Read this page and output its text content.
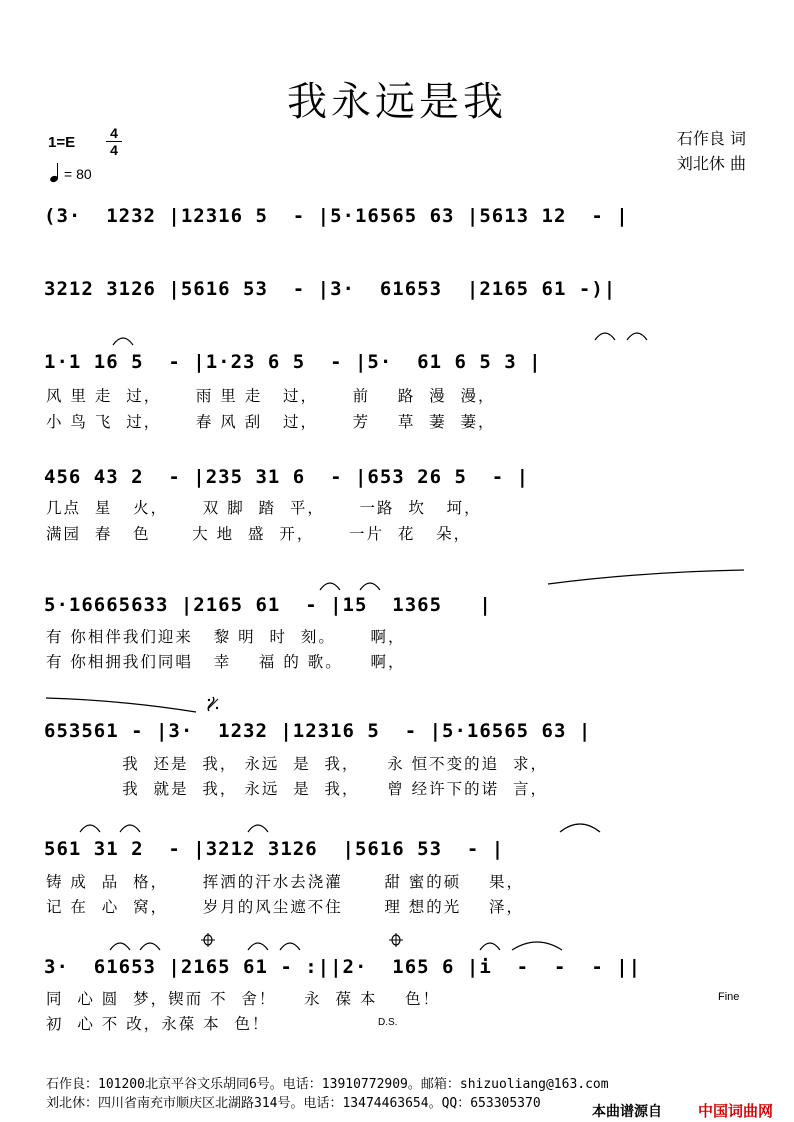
我永远是我
1=E
4
4
= 80
石作良 词
刘北休 曲
(3·  1232 |12316 5  - |5·16565 63 |5613 12  - |
3212 3126 |5616 53  - |3·  61653  |2165 61 -)|
1·1 16 5  - |1·23 6 5  - |5·  61 6 5 3 |
风 里 走  过，     雨 里 走   过，     前    路  漫  漫，
小 鸟 飞  过，     春 风 刮   过，     芳    草  萋  萋，
456 43 2  - |235 31 6  - |653 26 5  - |
几点  星   火，     双 脚  踏  平，     一路  坎   坷，
满园  春   色      大 地  盛  开，     一片  花   朵，
5·16665633 |2165 61  - |15  1365   |
有 你相伴我们迎来   黎 明  时  刻。     啊，
有 你相拥我们同唱   幸    福 的 歌。    啊，
653561 - |3·  1232 |12316 5  - |5·16565 63 |
我  还是  我， 永远  是  我，    永 恒不变的追  求，
我  就是  我， 永远  是  我，    曾 经许下的诺  言，
561 31 2  - |3212 3126  |5616 53  - |
铸 成  品  格，     挥洒的汗水去浇灌      甜 蜜的硕    果，
记 在  心  窝，     岁月的风尘遮不住      理 想的光    泽，
3·  61653 |2165 61 - :||2·  165 6 |i  -  -  - ||
同  心 圆  梦，锲而 不  舍！    永  葆 本    色！
初  心 不 改，永葆 本  色！
Fine
D.S.
石作良：101200北京平谷文乐胡同6号。电话：13910772909。邮箱：shizuoliang@163.com
刘北休：四川省南充市顺庆区北湖路314号。电话：13474463654。QQ：653305370
本曲谱源自 中国词曲网
